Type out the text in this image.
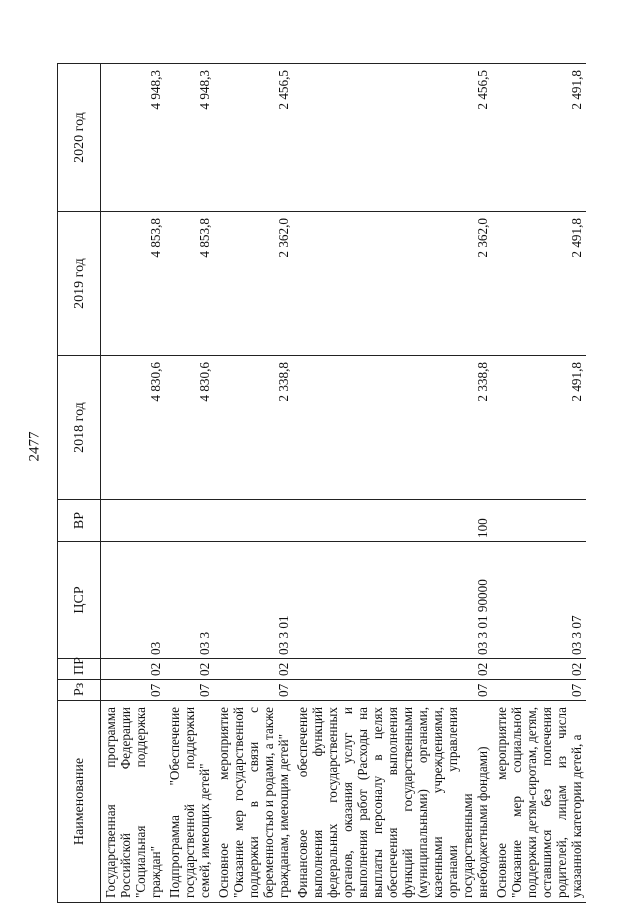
2477
Наименование	Рз	ПР	ЦСР	ВР	2018 год	2019 год	2020 год
Государственная программа Российской Федерации "Социальная поддержка граждан"	07	02	03		4 830,6	4 853,8	4 948,3
Подпрограмма "Обеспечение государственной поддержки семей, имеющих детей"	07	02	03 3		4 830,6	4 853,8	4 948,3
Основное мероприятие "Оказание мер государственной поддержки в связи с беременностью и родами, а также гражданам, имеющим детей"	07	02	03 3 01		2 338,8	2 362,0	2 456,5
Финансовое обеспечение выполнения функций федеральных государственных органов, оказания услуг и выполнения работ (Расходы на выплаты персоналу в целях обеспечения выполнения функций государственными (муниципальными) органами, казенными учреждениями, органами управления государственными внебюджетными фондами)	07	02	03 3 01 90000	100	2 338,8	2 362,0	2 456,5
Основное мероприятие "Оказание мер социальной поддержки детям-сиротам, детям, оставшимся без попечения родителей, лицам из числа указанной категории детей, а	07	02	03 3 07		2 491,8	2 491,8	2 491,8
